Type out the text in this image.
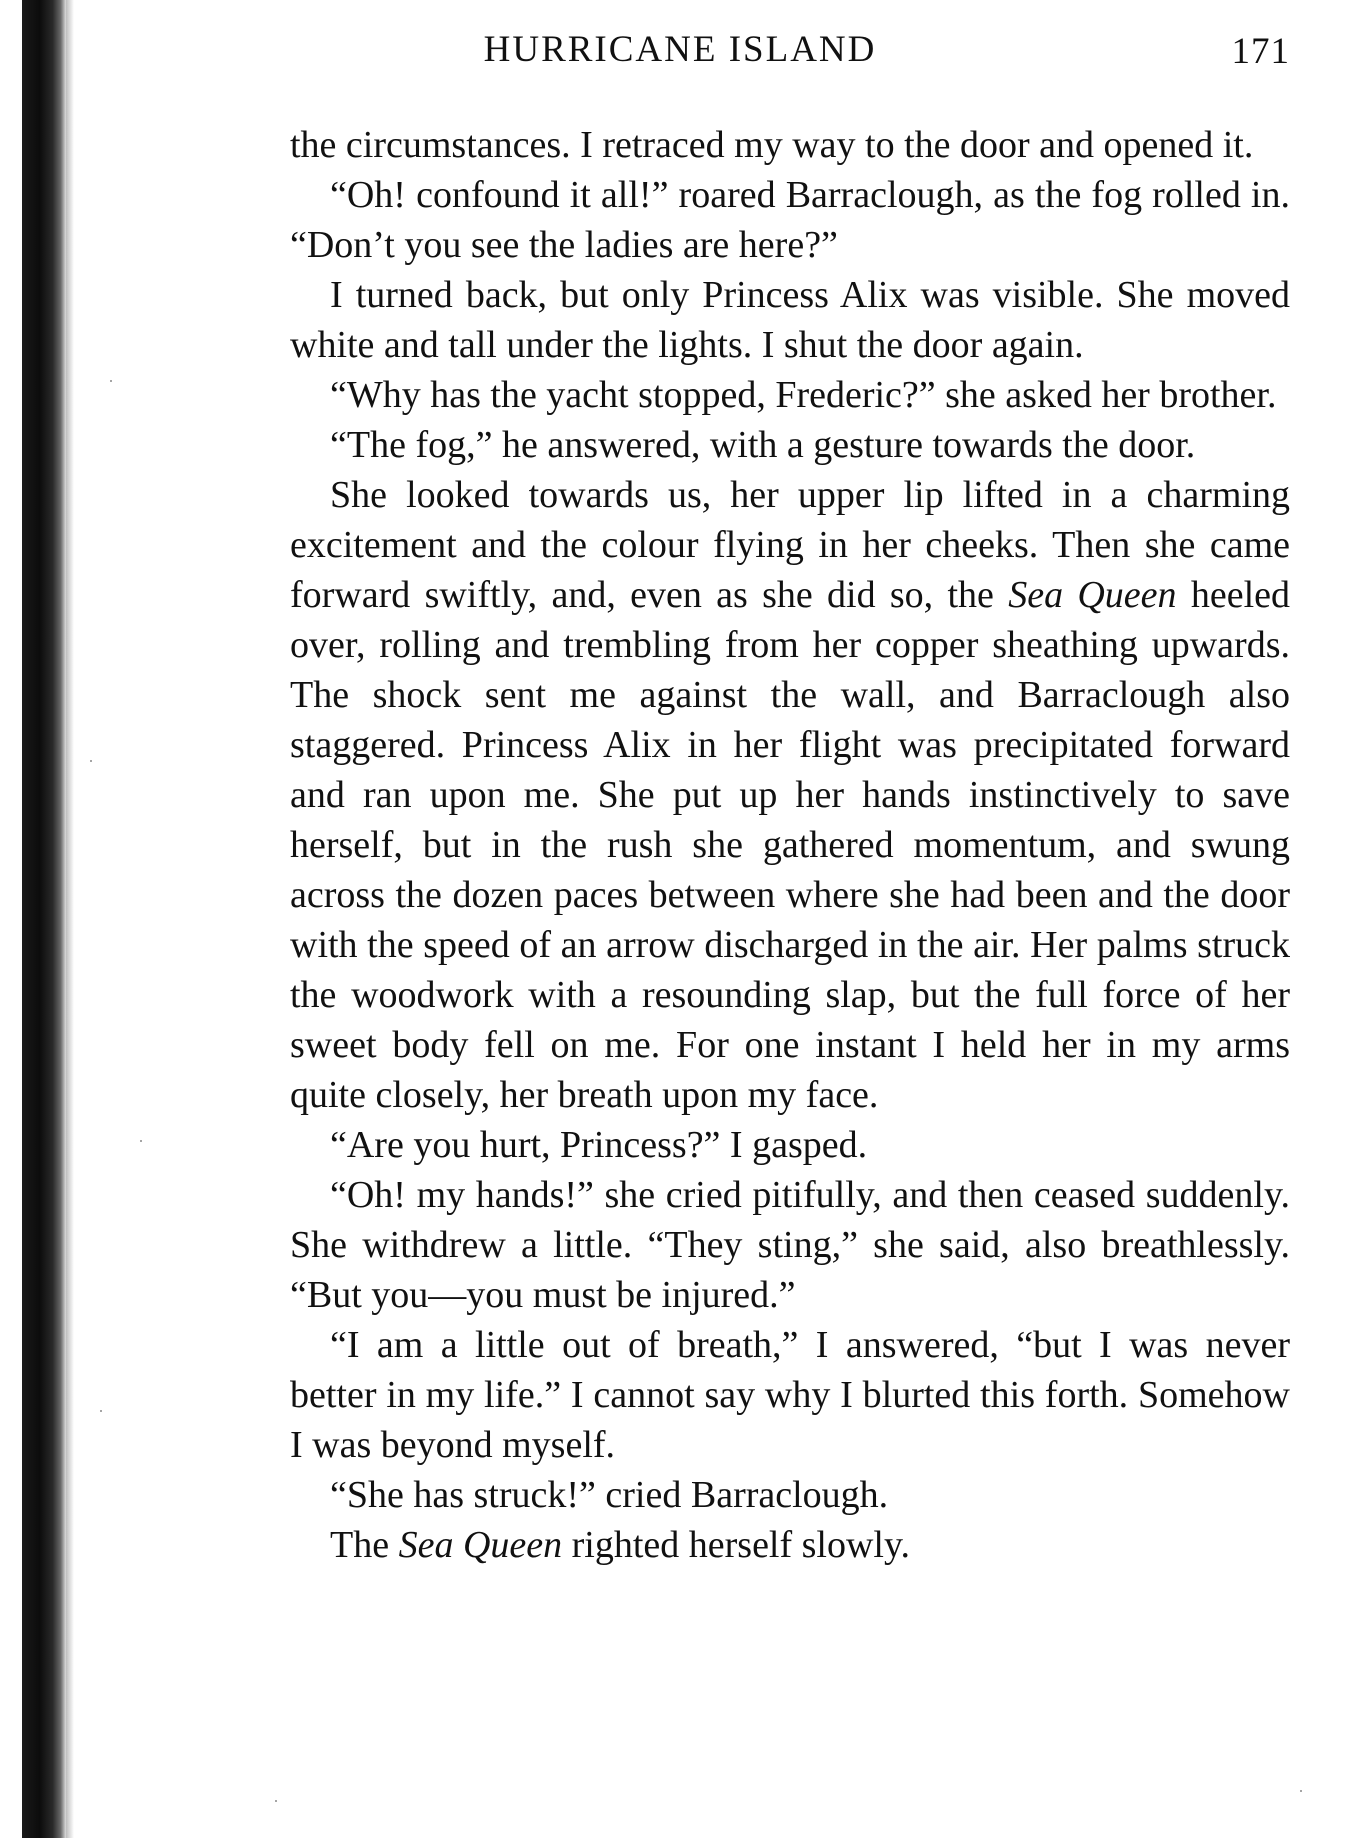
HURRICANE ISLAND	171

the circumstances. I retraced my way to the door and opened it.

“Oh! confound it all!” roared Barraclough, as the fog rolled in. “Don’t you see the ladies are here?”

I turned back, but only Princess Alix was visible. She moved white and tall under the lights. I shut the door again.

“Why has the yacht stopped, Frederic?” she asked her brother.

“The fog,” he answered, with a gesture towards the door.

She looked towards us, her upper lip lifted in a charming excitement and the colour flying in her cheeks. Then she came forward swiftly, and, even as she did so, the Sea Queen heeled over, rolling and trembling from her copper sheathing upwards. The shock sent me against the wall, and Barraclough also staggered. Princess Alix in her flight was precipitated forward and ran upon me. She put up her hands instinctively to save herself, but in the rush she gathered momentum, and swung across the dozen paces between where she had been and the door with the speed of an arrow discharged in the air. Her palms struck the woodwork with a resounding slap, but the full force of her sweet body fell on me. For one instant I held her in my arms quite closely, her breath upon my face.

“Are you hurt, Princess?” I gasped.

“Oh! my hands!” she cried pitifully, and then ceased suddenly. She withdrew a little. “They sting,” she said, also breathlessly. “But you—you must be injured.”

“I am a little out of breath,” I answered, “but I was never better in my life.” I cannot say why I blurted this forth. Somehow I was beyond myself.

“She has struck!” cried Barraclough.

The Sea Queen righted herself slowly.
